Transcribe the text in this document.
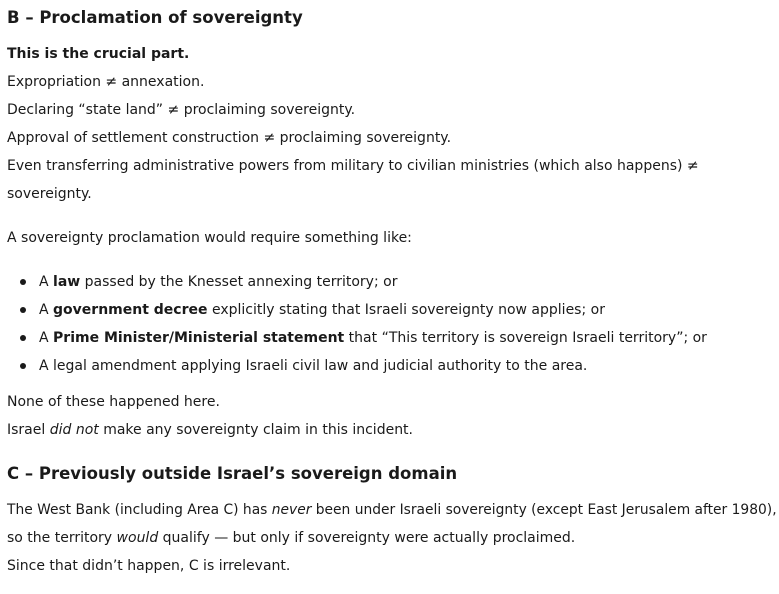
B – Proclamation of sovereignty

This is the crucial part.

Expropriation ≠ annexation.

Declaring “state land” ≠ proclaiming sovereignty.

Approval of settlement construction ≠ proclaiming sovereignty.

Even transferring administrative powers from military to civilian ministries (which also happens) ≠

sovereignty.

A sovereignty proclamation would require something like:

A law passed by the Knesset annexing territory; or

A government decree explicitly stating that Israeli sovereignty now applies; or

A Prime Minister/Ministerial statement that “This territory is sovereign Israeli territory”; or

A legal amendment applying Israeli civil law and judicial authority to the area.

None of these happened here.

Israel did not make any sovereignty claim in this incident.

C – Previously outside Israel’s sovereign domain

The West Bank (including Area C) has never been under Israeli sovereignty (except East Jerusalem after 1980),

so the territory would qualify — but only if sovereignty were actually proclaimed.

Since that didn’t happen, C is irrelevant.
